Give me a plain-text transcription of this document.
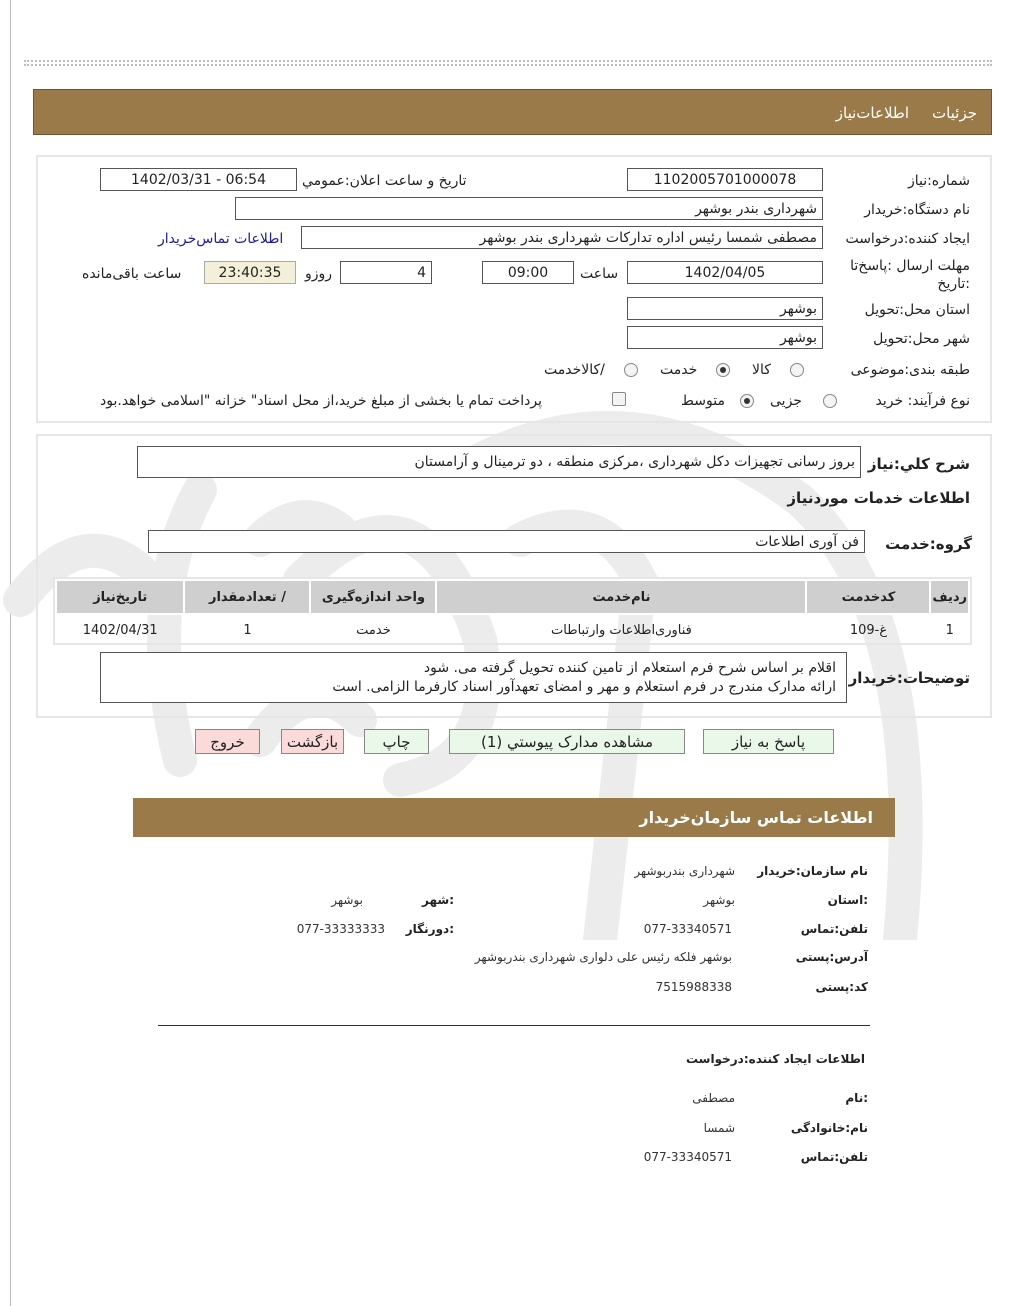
جزئیات
اطلاعات‌نیاز
شماره:نیاز
1102005701000078
تاریخ و ساعت اعلان:عمومي
1402/03/31 - 06:54
نام دستگاه:خریدار
شهرداری بندر بوشهر
ایجاد کننده:درخواست
مصطفی شمسا رئیس اداره تدارکات شهرداری بندر بوشهر
اطلاعات تماس‌خریدار
مهلت ارسال :پاسخ‌تا
:تاریخ
1402/04/05
ساعت
09:00
4
روزو
23:40:35
ساعت باقی‌مانده
استان محل:تحویل
بوشهر
شهر محل:تحویل
بوشهر
طبقه بندی:موضوعی
کالا
خدمت
/کالاخدمت
نوع فرآیند: خرید
جزیی
متوسط
پرداخت تمام یا بخشی از مبلغ خرید،از محل اسناد" خزانه "اسلامی خواهد.بود
شرح کلي:نیاز
بروز رسانی تجهیزات دکل شهرداری ،مرکزی منطقه ، دو ترمینال و آرامستان
اطلاعات خدمات موردنیاز
گروه:خدمت
فن آوری اطلاعات
ردیف	کدخدمت	نام‌خدمت	واحد اندازه‌گیری	/ تعدادمقدار	تاریخ‌نیاز
1	غ-109	فناوری‌اطلاعات و‌ارتباطات	خدمت	1	1402/04/31
توضیحات:خریدار
اقلام بر اساس شرح فرم استعلام از تامین کننده تحویل گرفته می. شود
ارائه مدارک مندرج در فرم استعلام و مهر و امضای تعهدآور اسناد کارفرما الزامی. است
پاسخ به نیاز
مشاهده مدارک پیوستي (1)
چاپ
بازگشت
خروج
اطلاعات تماس سازمان‌خریدار
نام سازمان:خریدار
شهرداری بندربوشهر
:استان
بوشهر
:شهر
بوشهر
تلفن:تماس
077-33340571
:دورنگار
077-33333333
آدرس:پستی
بوشهر فلکه رئیس علی دلواری شهرداری بندربوشهر
کد:پستی
7515988338
اطلاعات ایجاد کننده:درخواست
:نام
مصطفی
نام:خانوادگی
شمسا
تلفن:تماس
077-33340571
